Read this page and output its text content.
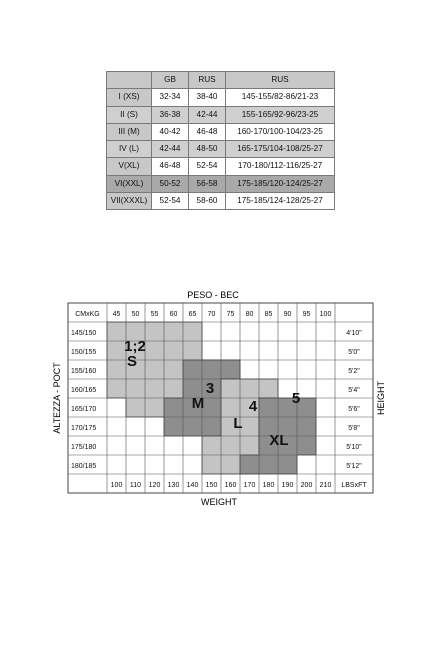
	GB	RUS	RUS
I (XS)	32-34	38-40	145-155/82-86/21-23
II (S)	36-38	42-44	155-165/92-96/23-25
III (M)	40-42	46-48	160-170/100-104/23-25
IV (L)	42-44	48-50	165-175/104-108/25-27
V(XL)	46-48	52-54	170-180/112-116/25-27
VI(XXL)	50-52	56-58	175-185/120-124/25-27
VII(XXXL)	52-54	58-60	175-185/124-128/25-27
CMxKG
LBSxFT
45 50 55 60 65 70 75 80 85 90 95 100
100 110 120 130 140 150 160 170 180 190 200 210
145/150
150/155
155/160
160/165
165/170
170/175
175/180
180/185
4'10"
5'0"
5'2"
5'4"
5'6"
5'8"
5'10"
5'12"
1;2
S
3
M	4
L
5
XL
PESO - BEC
WEIGHT
ALTEZZA - POCT	HEIGHT
